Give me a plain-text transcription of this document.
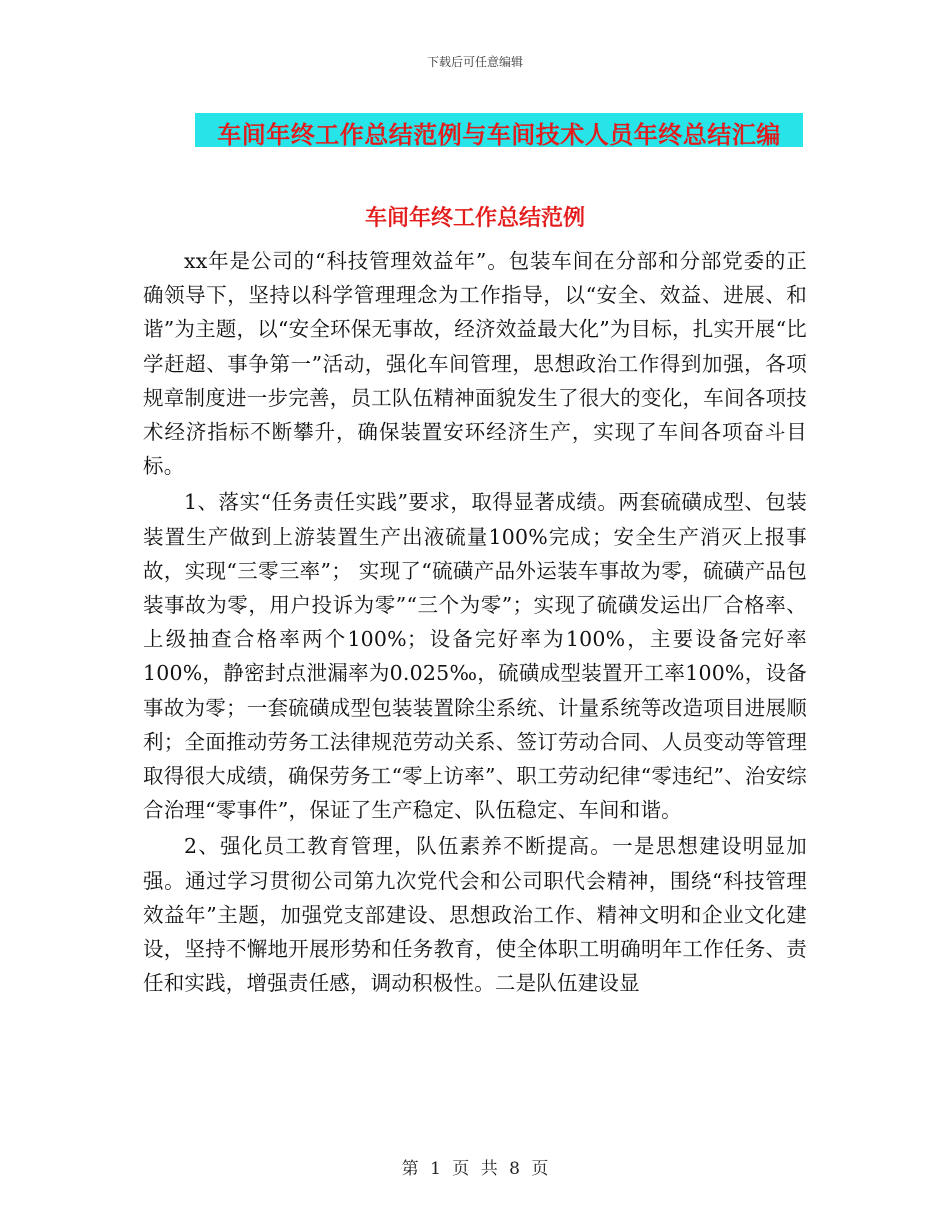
下载后可任意编辑
车间年终工作总结范例与车间技术人员年终总结汇编
车间年终工作总结范例

xx年是公司的“科技管理效益年”。包装车间在分部和分部党委的正确领导下，坚持以科学管理理念为工作指导，以“安全、效益、进展、和谐”为主题，以“安全环保无事故，经济效益最大化”为目标，扎实开展“比学赶超、事争第一”活动，强化车间管理，思想政治工作得到加强，各项规章制度进一步完善，员工队伍精神面貌发生了很大的变化，车间各项技术经济指标不断攀升，确保装置安环经济生产，实现了车间各项奋斗目标。

1、落实“任务责任实践”要求，取得显著成绩。两套硫磺成型、包装装置生产做到上游装置生产出液硫量100%完成；安全生产消灭上报事故，实现“三零三率”； 实现了“硫磺产品外运装车事故为零，硫磺产品包装事故为零，用户投诉为零”“三个为零”；实现了硫磺发运出厂合格率、上级抽查合格率两个100%；设备完好率为100%，主要设备完好率100%，静密封点泄漏率为0.025‰，硫磺成型装置开工率100%，设备事故为零；一套硫磺成型包装装置除尘系统、计量系统等改造项目进展顺利；全面推动劳务工法律规范劳动关系、签订劳动合同、人员变动等管理取得很大成绩，确保劳务工“零上访率”、职工劳动纪律“零违纪”、治安综合治理“零事件”，保证了生产稳定、队伍稳定、车间和谐。

2、强化员工教育管理，队伍素养不断提高。一是思想建设明显加强。通过学习贯彻公司第九次党代会和公司职代会精神，围绕“科技管理效益年”主题，加强党支部建设、思想政治工作、精神文明和企业文化建设，坚持不懈地开展形势和任务教育，使全体职工明确明年工作任务、责任和实践，增强责任感，调动积极性。二是队伍建设显

第 1 页 共 8 页
